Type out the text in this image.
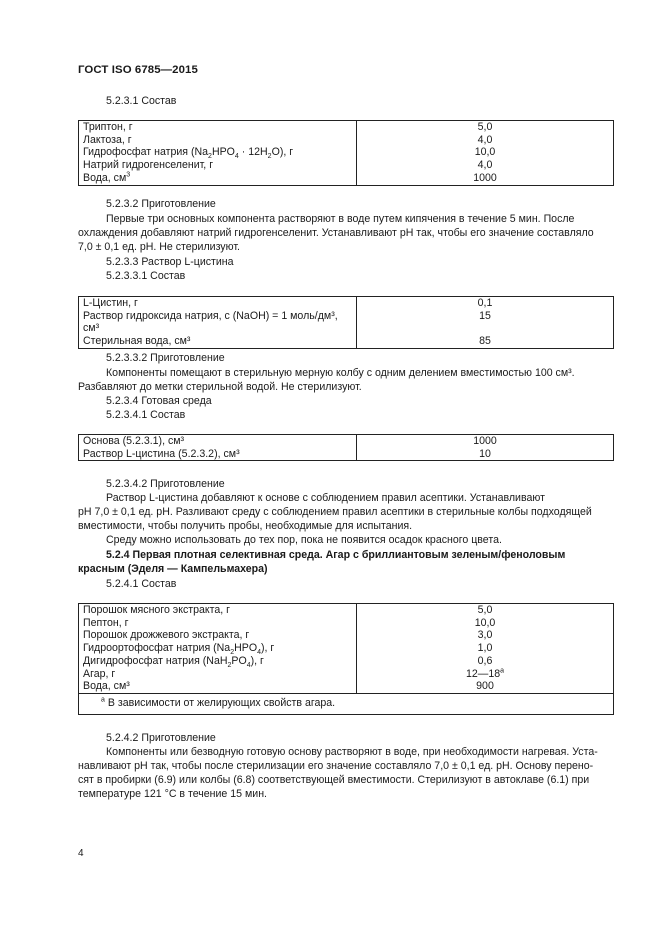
ГОСТ ISO 6785—2015
5.2.3.1 Состав
Триптон, г	5,0
Лактоза, г	4,0
Гидрофосфат натрия $(Na_2HPO_4 \cdot 12H_2O)$, г	10,0
Натрий гидрогенселенит, г	4,0
Вода, $см^3$	1000
5.2.3.2 Приготовление
Первые три основных компонента растворяют в воде путем кипячения в течение 5 мин. После
охлаждения добавляют натрий гидрогенселенит. Устанавливают pH так, чтобы его значение составляло
7,0 ± 0,1 ед. pH. Не стерилизуют.
5.2.3.3 Раствор L-цистина
5.2.3.3.1 Состав
L-Цистин, г	0,1
Раствор гидроксида натрия, c (NaOH) = 1 моль/дм³, см³	15
Стерильная вода, см³	85
5.2.3.3.2 Приготовление
Компоненты помещают в стерильную мерную колбу с одним делением вместимостью 100 см³.
Разбавляют до метки стерильной водой. Не стерилизуют.
5.2.3.4 Готовая среда
5.2.3.4.1 Состав
Основа (5.2.3.1), см³	1000
Раствор L-цистина (5.2.3.2), см³	10
5.2.3.4.2 Приготовление
Раствор L-цистина добавляют к основе с соблюдением правил асептики. Устанавливают
pH 7,0 ± 0,1 ед. pH. Разливают среду с соблюдением правил асептики в стерильные колбы подходящей
вместимости, чтобы получить пробы, необходимые для испытания.
Среду можно использовать до тех пор, пока не появится осадок красного цвета.
5.2.4 Первая плотная селективная среда. Агар с бриллиантовым зеленым/феноловым
красным (Эделя — Кампельмахера)
5.2.4.1 Состав
Порошок мясного экстракта, г	5,0
Пептон, г	10,0
Порошок дрожжевого экстракта, г	3,0
Гидроортофосфат натрия $(Na_2HPO_4)$, г	1,0
Дигидрофосфат натрия $(NaH_2PO_4)$, г	0,6
Агар, г	12—18$^a$
Вода, см³	900
$^a$ В зависимости от желирующих свойств агара.	
5.2.4.2 Приготовление
Компоненты или безводную готовую основу растворяют в воде, при необходимости нагревая. Уста-
навливают pH так, чтобы после стерилизации его значение составляло 7,0 ± 0,1 ед. pH. Основу перено-
сят в пробирки (6.9) или колбы (6.8) соответствующей вместимости. Стерилизуют в автоклаве (6.1) при
температуре 121 °C в течение 15 мин.
4
